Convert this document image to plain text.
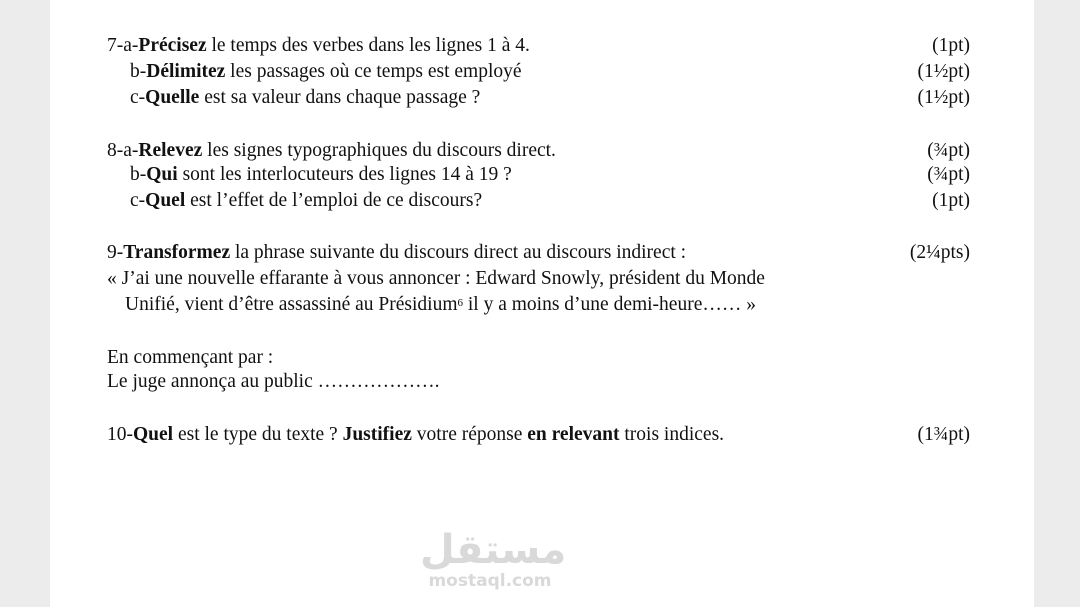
7-a-Précisez le temps des verbes dans les lignes 1 à 4.	(1pt)
b-Délimitez les passages où ce temps est employé	(1½pt)
c-Quelle est sa valeur dans chaque passage ?	(1½pt)
8-a-Relevez les signes typographiques du discours direct.	(¾pt)
b-Qui sont les interlocuteurs des lignes 14 à 19 ?	(¾pt)
c-Quel est l’effet de l’emploi de ce discours?	(1pt)
9-Transformez la phrase suivante du discours direct au discours indirect :	(2¼pts)
« J’ai une nouvelle effarante à vous annoncer : Edward Snowly, président du Monde
Unifié, vient d’être assassiné au Présidium$^6$ il y a moins d’une demi-heure…… »
En commençant par :
Le juge annonça au public ……………….
10-Quel est le type du texte ? Justifiez votre réponse en relevant trois indices.	(1¾pt)
مستقل
mostaql.com
